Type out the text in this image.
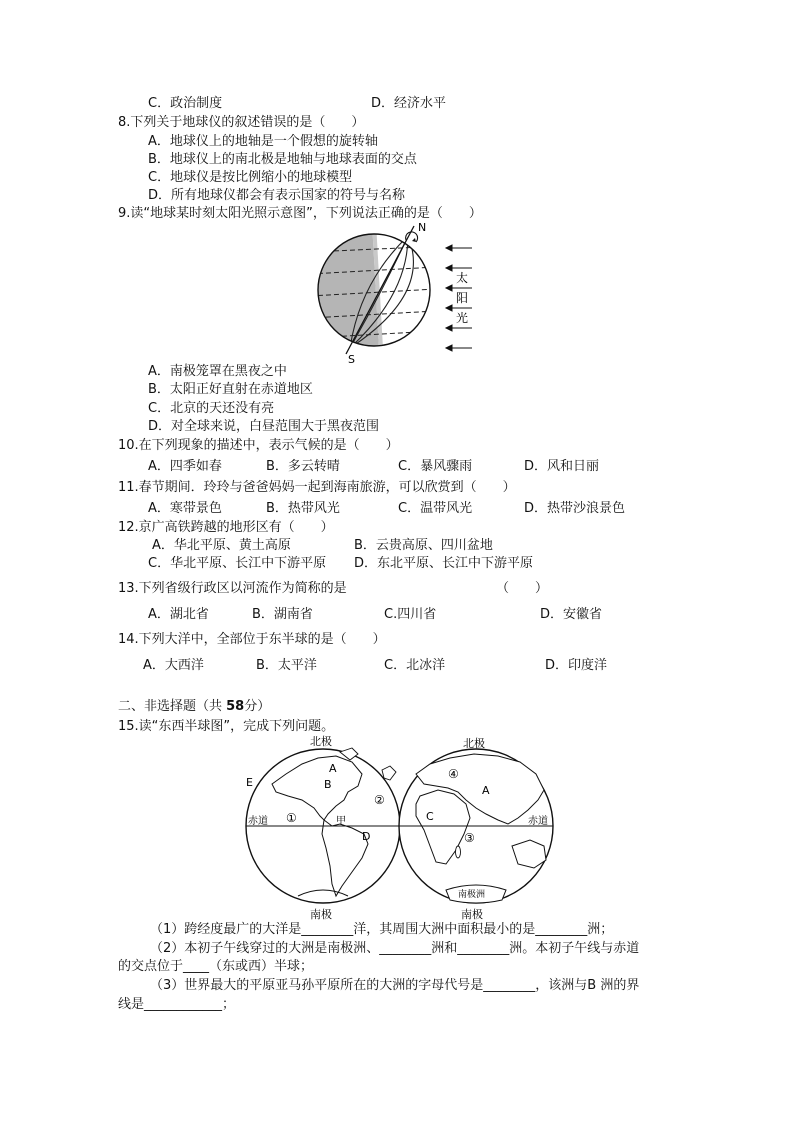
C．政治制度	D．经济水平
8.下列关于地球仪的叙述错误的是（　　）
A．地球仪上的地轴是一个假想的旋转轴
B．地球仪上的南北极是地轴与地球表面的交点
C．地球仪是按比例缩小的地球模型
D．所有地球仪都会有表示国家的符号与名称
9.读“地球某时刻太阳光照示意图”，下列说法正确的是（　　）
N
S
太
阳
光
A．南极笼罩在黑夜之中
B．太阳正好直射在赤道地区
C．北京的天还没有亮
D．对全球来说，白昼范围大于黑夜范围
10.在下列现象的描述中，表示气候的是（　　）
A．四季如春	B．多云转晴	C．暴风骤雨	D．风和日丽
11.春节期间．玲玲与爸爸妈妈一起到海南旅游，可以欣赏到（　　）
A．寒带景色	B．热带风光	C．温带风光	D．热带沙浪景色
12.京广高铁跨越的地形区有（　　）
A．华北平原、黄土高原	B．云贵高原、四川盆地
C．华北平原、长江中下游平原 D．东北平原、长江中下游平原
13.下列省级行政区以河流作为简称的是	（　　）
A．湖北省	B．湖南省	C.四川省	D．安徽省
14.下列大洋中，全部位于东半球的是（　　）
A．大西洋	B．太平洋	C．北冰洋	D．印度洋
二、非选择题（共 58分）
15.读“东西半球图”，完成下列问题。
北极	北极
南极	南极
南极洲
赤道	赤道
E
A
B	A
C
D
甲
①
②
③
④
（1）跨经度最广的大洋是________洋，其周围大洲中面积最小的是________洲；
（2）本初子午线穿过的大洲是南极洲、________洲和________洲。本初子午线与赤道
的交点位于____（东或西）半球；
（3）世界最大的平原亚马孙平原所在的大洲的字母代号是________，该洲与B 洲的界
线是____________；
